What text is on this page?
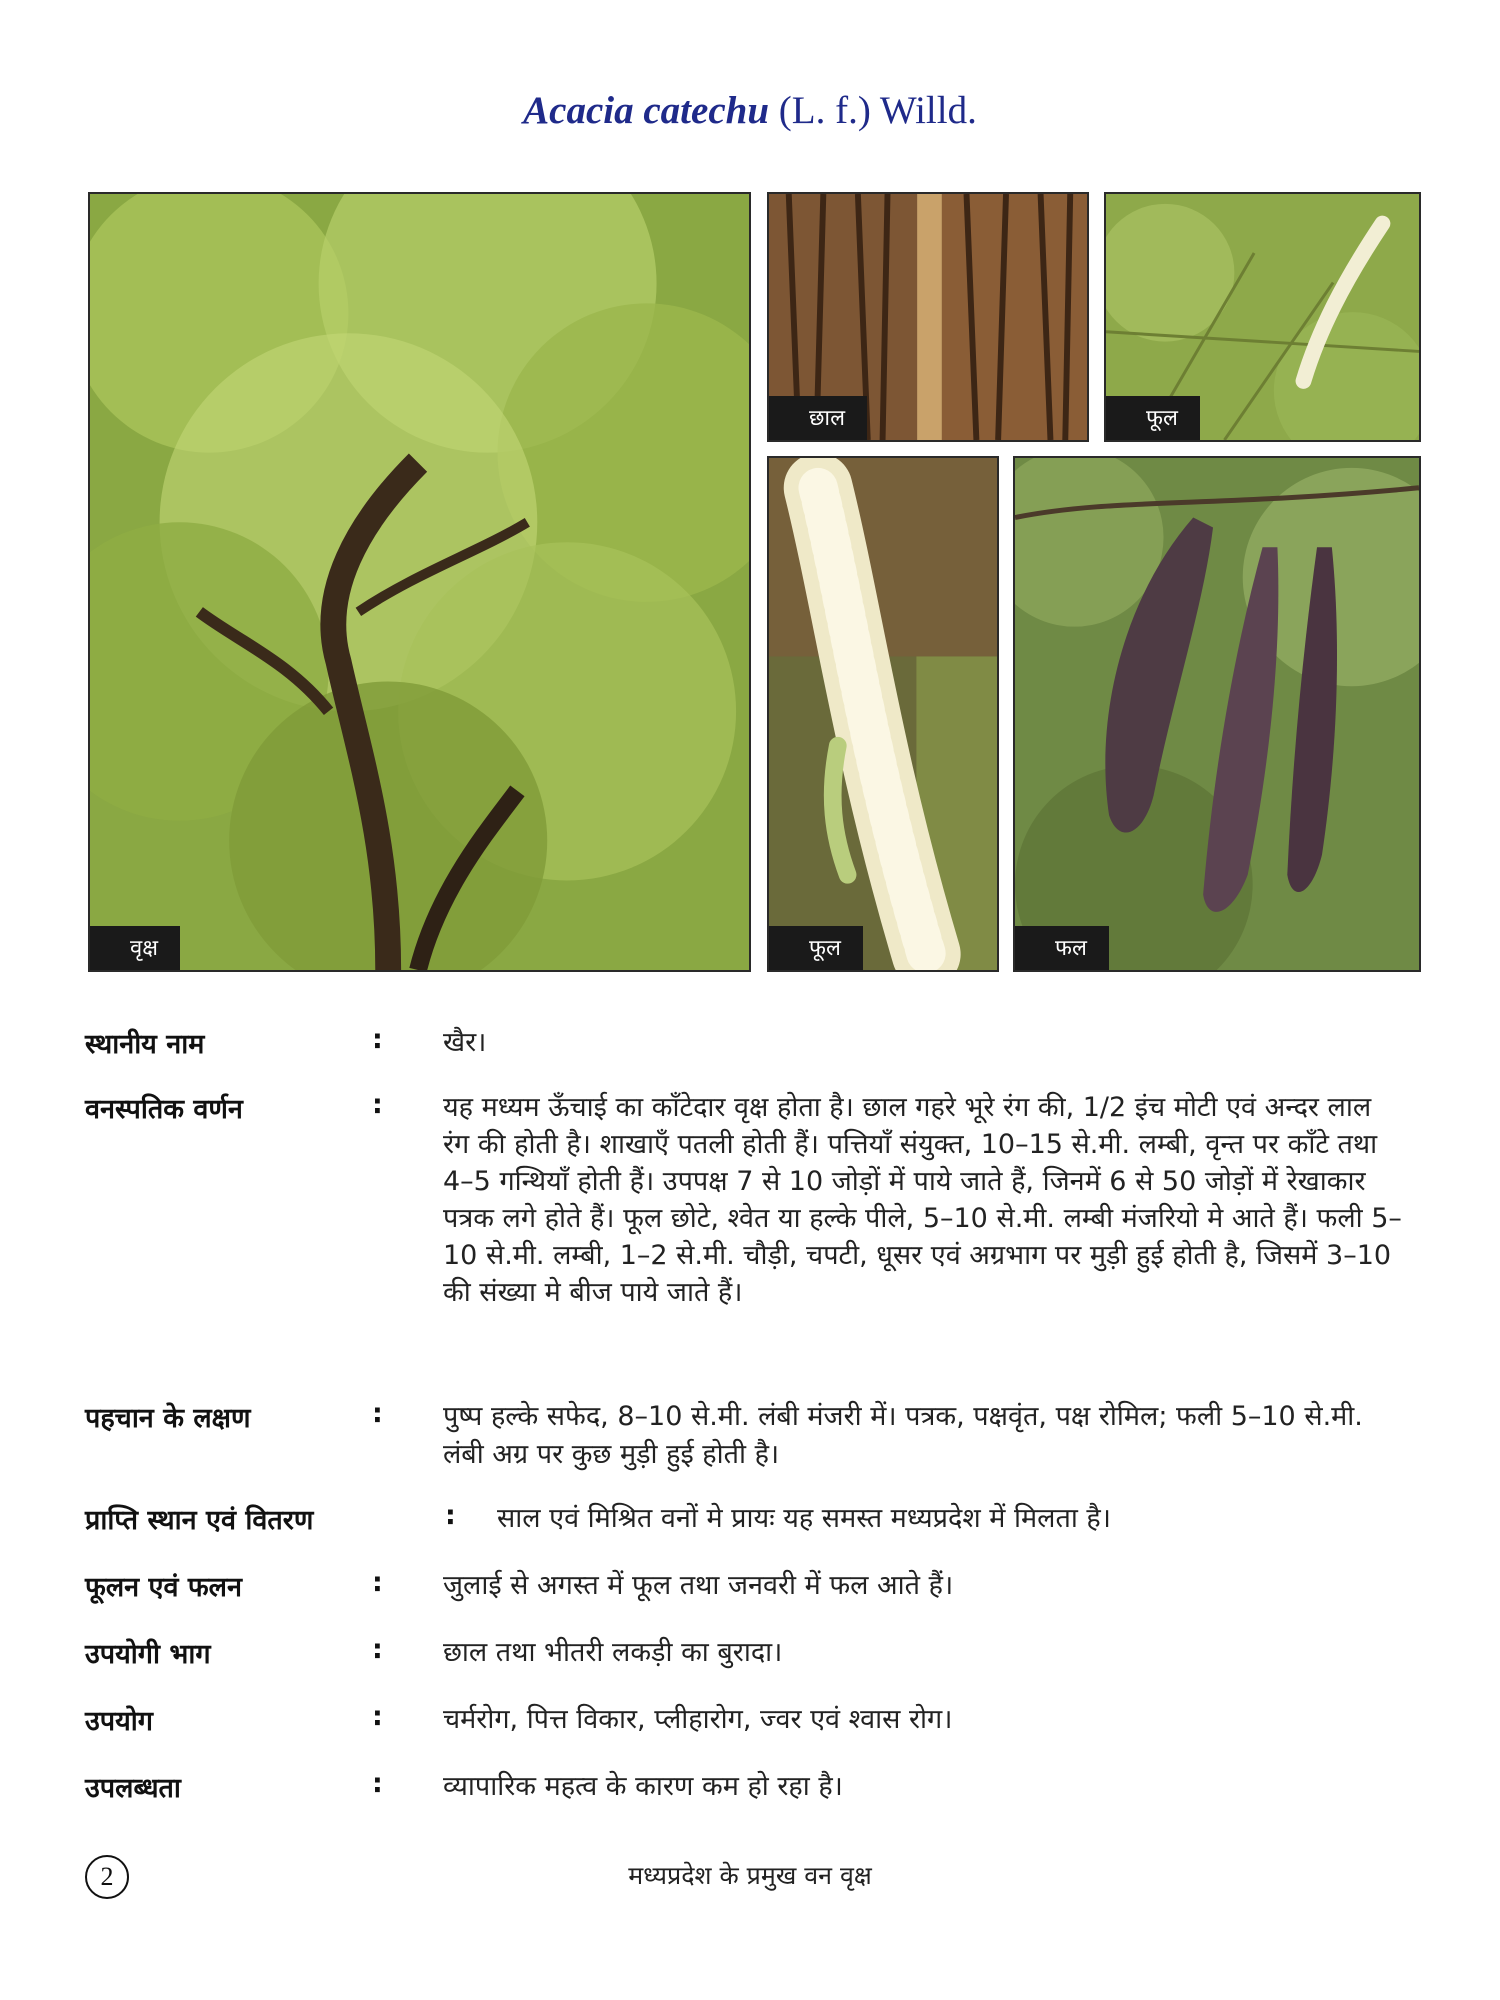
Acacia catechu (L. f.) Willd.
वृक्ष
छाल	फूल
फूल	फल
स्थानीय नाम	: खैर।
वनस्पतिक वर्णन	: यह मध्यम ऊँचाई का काँटेदार वृक्ष होता है। छाल गहरे भूरे रंग की, 1/2 इंच मोटी एवं अन्दर लाल रंग की होती है। शाखाएँ पतली होती हैं। पत्तियाँ संयुक्त, 10–15 से.मी. लम्बी, वृन्त पर काँटे तथा 4–5 गन्थियाँ होती हैं। उपपक्ष 7 से 10 जोड़ों में पाये जाते हैं, जिनमें 6 से 50 जोड़ों में रेखाकार पत्रक लगे होते हैं। फूल छोटे, श्वेत या हल्के पीले, 5–10 से.मी. लम्बी मंजरियो मे आते हैं। फली 5–10 से.मी. लम्बी, 1–2 से.मी. चौड़ी, चपटी, धूसर एवं अग्रभाग पर मुड़ी हुई होती है, जिसमें 3–10 की संख्या मे बीज पाये जाते हैं।
पहचान के लक्षण	: पुष्प हल्के सफेद, 8–10 से.मी. लंबी मंजरी में। पत्रक, पक्षवृंत, पक्ष रोमिल; फली 5–10 से.मी. लंबी अग्र पर कुछ मुड़ी हुई होती है।
प्राप्ति स्थान एवं वितरण	: साल एवं मिश्रित वनों मे प्रायः यह समस्त मध्यप्रदेश में मिलता है।
फूलन एवं फलन	: जुलाई से अगस्त में फूल तथा जनवरी में फल आते हैं।
उपयोगी भाग	: छाल तथा भीतरी लकड़ी का बुरादा।
उपयोग	: चर्मरोग, पित्त विकार, प्लीहारोग, ज्वर एवं श्वास रोग।
उपलब्धता	: व्यापारिक महत्व के कारण कम हो रहा है।
2	मध्यप्रदेश के प्रमुख वन वृक्ष
